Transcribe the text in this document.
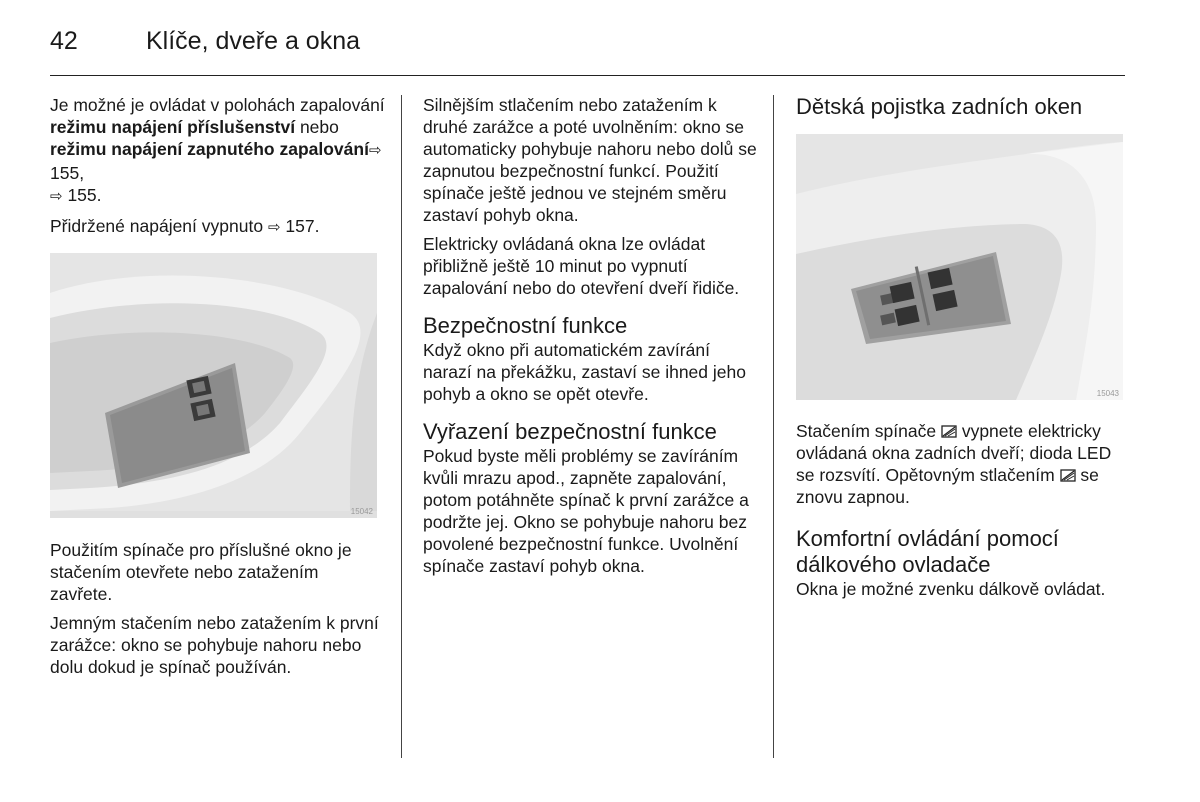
42	Klíče, dveře a okna

Je možné je ovládat v polohách zapalování režimu napájení příslušenství nebo režimu napájení zapnutého zapalování⇨ 155,
⇨ 155.

Přidržené napájení vypnuto ⇨ 157.

15042

Použitím spínače pro příslušné okno je stačením otevřete nebo zatažením zavřete.

Jemným stačením nebo zatažením k první zarážce: okno se pohybuje nahoru nebo dolu dokud je spínač používán.

Silnějším stlačením nebo zatažením k druhé zarážce a poté uvolněním: okno se automaticky pohybuje nahoru nebo dolů se zapnutou bezpečnostní funkcí. Použití spínače ještě jednou ve stejném směru zastaví pohyb okna.

Elektricky ovládaná okna lze ovládat přibližně ještě 10 minut po vypnutí zapalování nebo do otevření dveří řidiče.

Bezpečnostní funkce

Když okno při automatickém zavírání narazí na překážku, zastaví se ihned jeho pohyb a okno se opět otevře.

Vyřazení bezpečnostní funkce

Pokud byste měli problémy se zavíráním kvůli mrazu apod., zapněte zapalování, potom potáhněte spínač k první zarážce a podržte jej. Okno se pohybuje nahoru bez povolené bezpečnostní funkce. Uvolnění spínače zastaví pohyb okna.

Dětská pojistka zadních oken
15043

Stačením spínače  vypnete elektricky ovládaná okna zadních dveří; dioda LED se rozsvítí. Opětovným stlačením  se znovu zapnou.

Komfortní ovládání pomocí dálkového ovladače

Okna je možné zvenku dálkově ovládat.
